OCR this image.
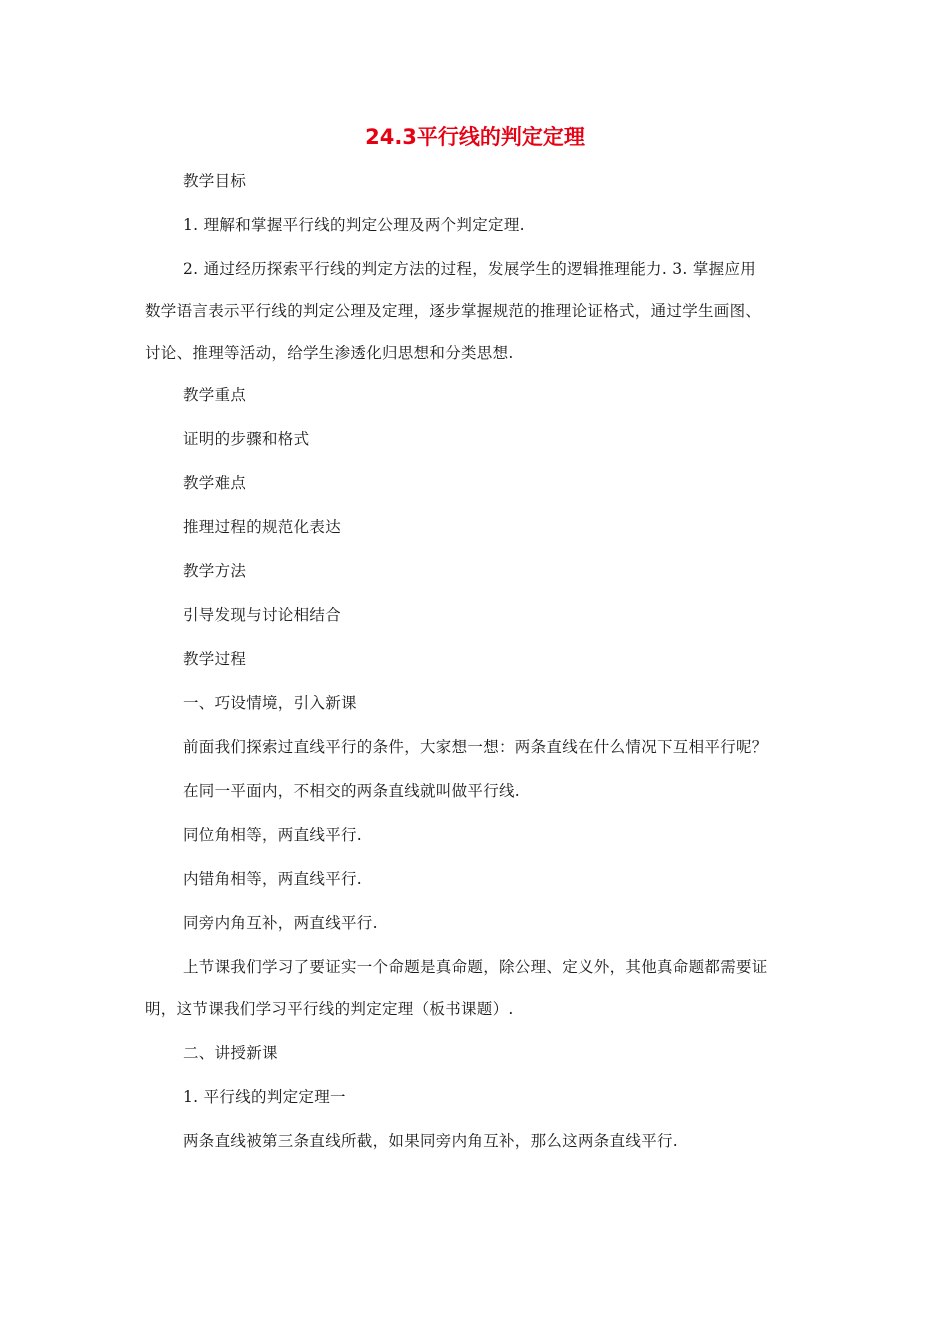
24.3平行线的判定定理
教学目标
1. 理解和掌握平行线的判定公理及两个判定定理.
2. 通过经历探索平行线的判定方法的过程，发展学生的逻辑推理能力. 3. 掌握应用
数学语言表示平行线的判定公理及定理，逐步掌握规范的推理论证格式，通过学生画图、
讨论、推理等活动，给学生渗透化归思想和分类思想.
教学重点
证明的步骤和格式
教学难点
推理过程的规范化表达
教学方法
引导发现与讨论相结合
教学过程
一、巧设情境，引入新课
前面我们探索过直线平行的条件，大家想一想：两条直线在什么情况下互相平行呢？
在同一平面内，不相交的两条直线就叫做平行线.
同位角相等，两直线平行.
内错角相等，两直线平行.
同旁内角互补，两直线平行.
上节课我们学习了要证实一个命题是真命题，除公理、定义外，其他真命题都需要证
明，这节课我们学习平行线的判定定理（板书课题）.
二、讲授新课
1. 平行线的判定定理一
两条直线被第三条直线所截，如果同旁内角互补，那么这两条直线平行.
